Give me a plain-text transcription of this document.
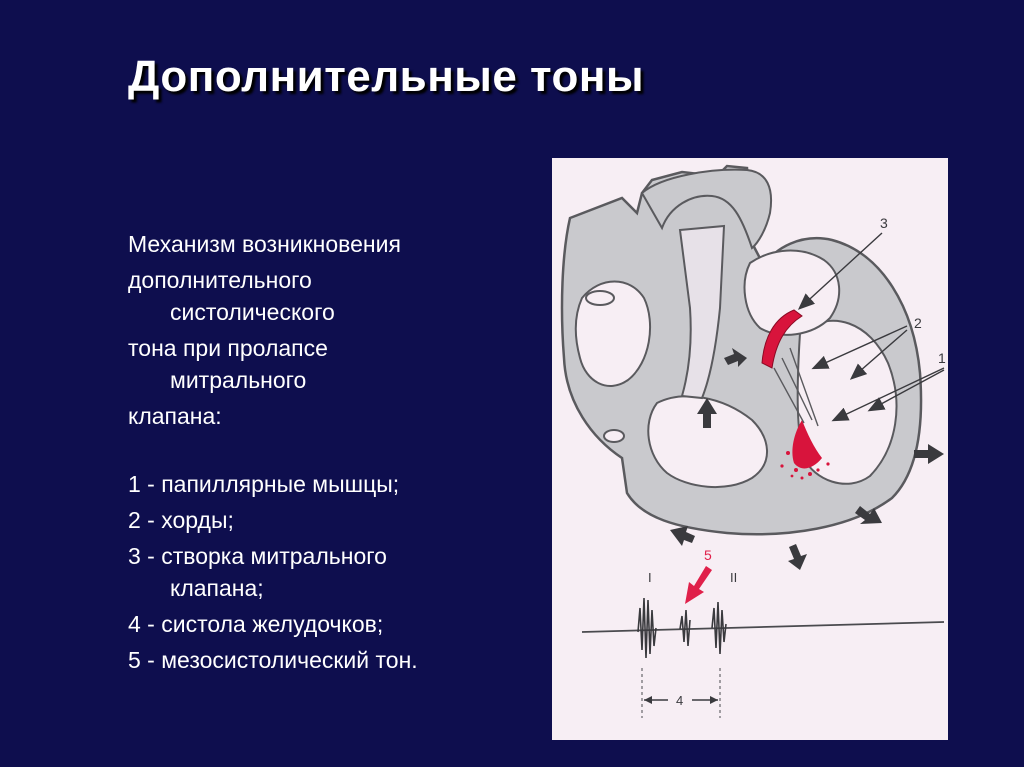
Дополнительные тоны
Механизм возникновения
дополнительного
систолического
тона при пролапсе
митрального
клапана:
1 - папиллярные мышцы;
2 - хорды;
3 - створка митрального
клапана;
4 - систола желудочков;
5 - мезосистолический тон.
3
2
1
I	II
5
4
